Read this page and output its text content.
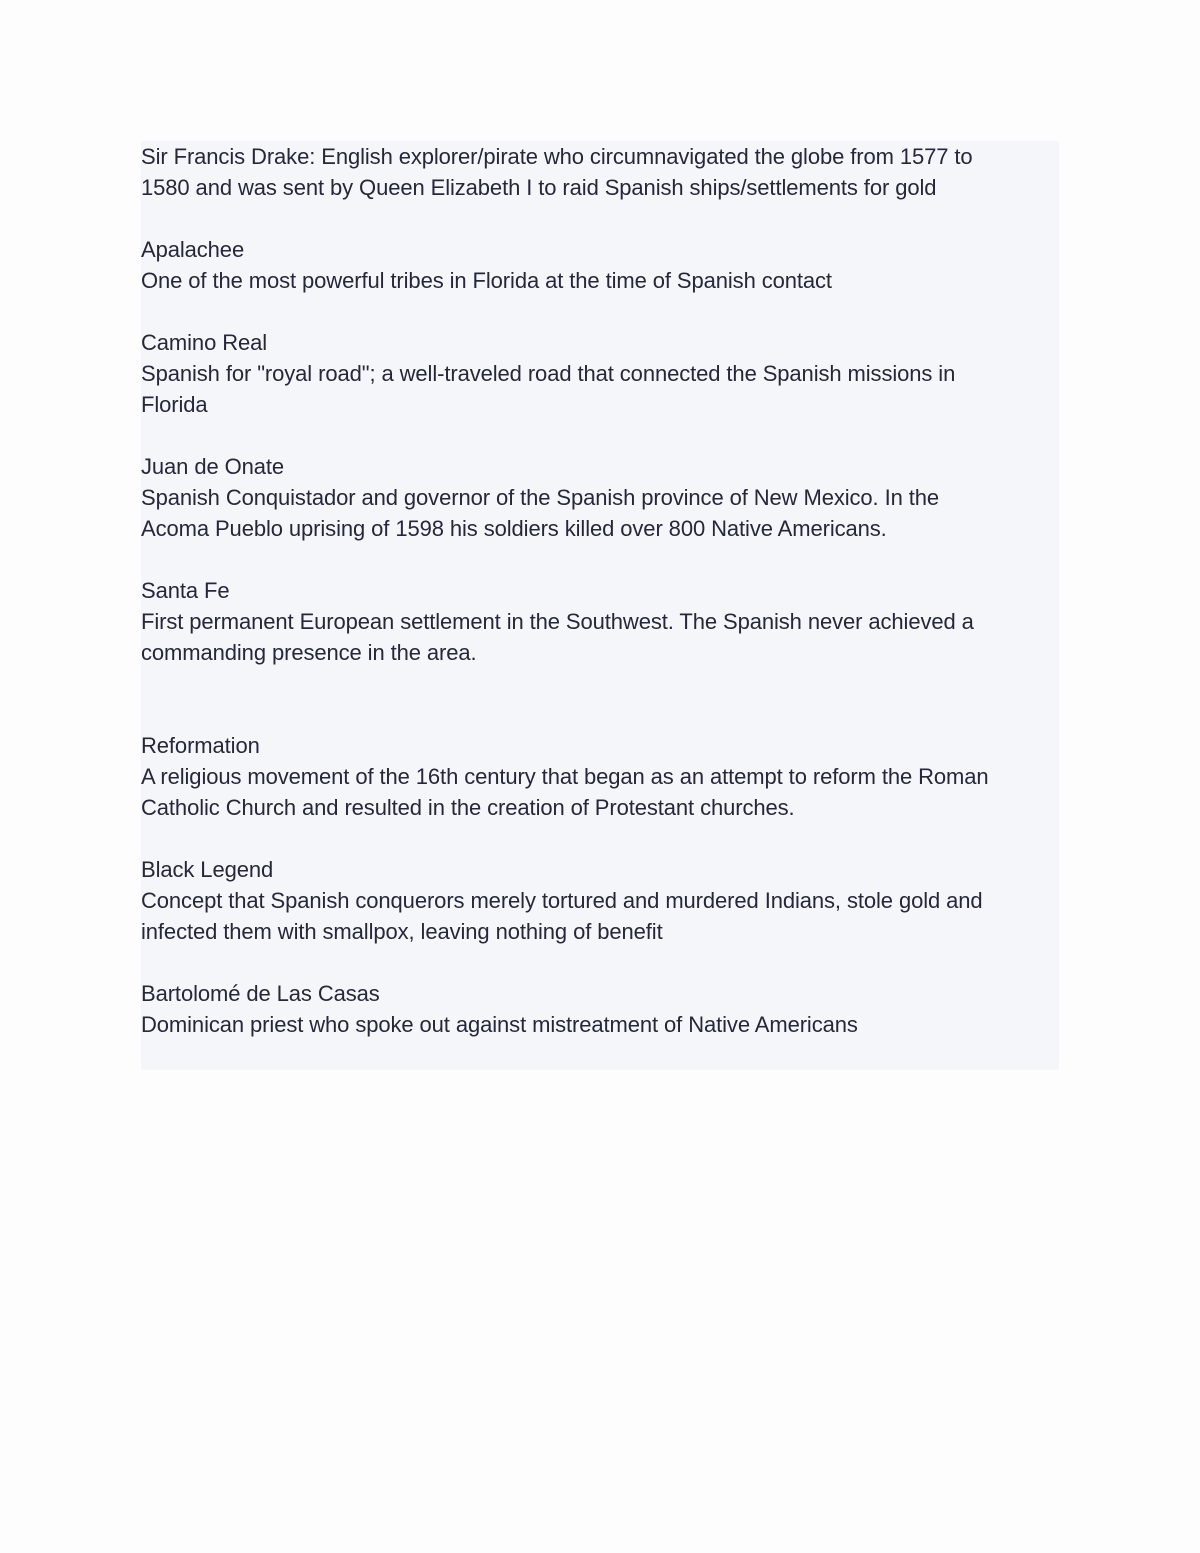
Sir Francis Drake: English explorer/pirate who circumnavigated the globe from 1577 to
1580 and was sent by Queen Elizabeth I to raid Spanish ships/settlements for gold
Apalachee
One of the most powerful tribes in Florida at the time of Spanish contact
Camino Real
Spanish for "royal road"; a well-traveled road that connected the Spanish missions in
Florida
Juan de Onate
Spanish Conquistador and governor of the Spanish province of New Mexico. In the
Acoma Pueblo uprising of 1598 his soldiers killed over 800 Native Americans.
Santa Fe
First permanent European settlement in the Southwest. The Spanish never achieved a
commanding presence in the area.
Reformation
A religious movement of the 16th century that began as an attempt to reform the Roman
Catholic Church and resulted in the creation of Protestant churches.
Black Legend
Concept that Spanish conquerors merely tortured and murdered Indians, stole gold and
infected them with smallpox, leaving nothing of benefit
Bartolomé de Las Casas
Dominican priest who spoke out against mistreatment of Native Americans
